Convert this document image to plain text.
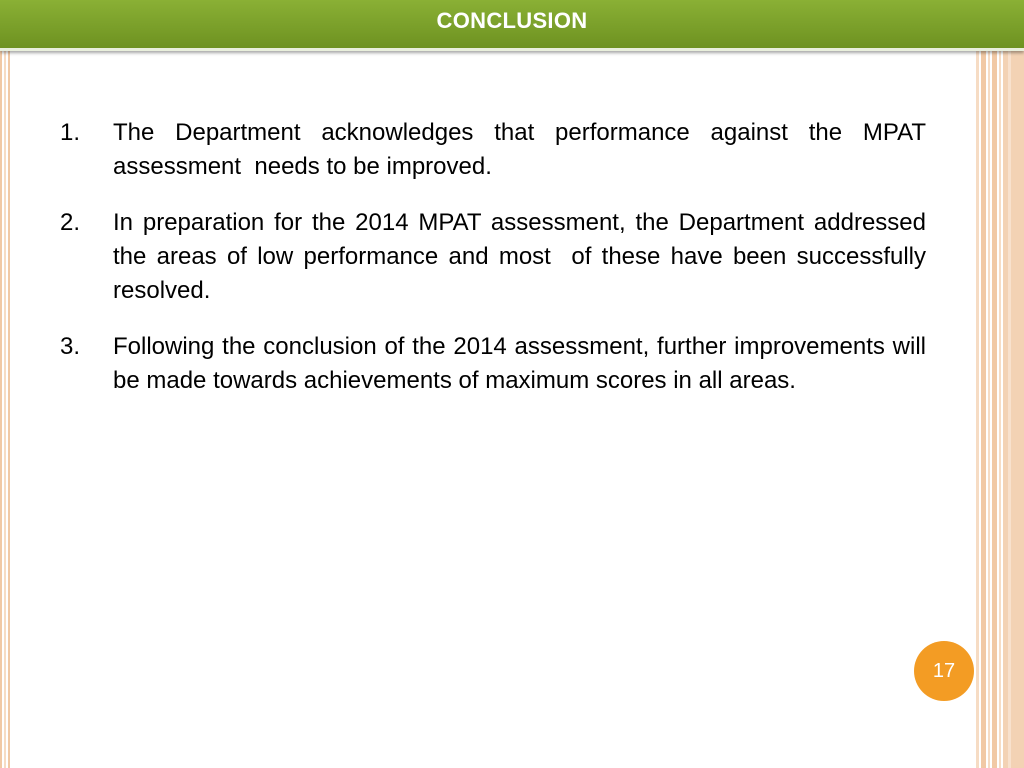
CONCLUSION
1.	The Department acknowledges that performance against the MPAT  assessment  needs to be improved.
2.	In preparation for the 2014 MPAT assessment, the Department addressed the areas of low performance and most  of these have been successfully resolved.
3.	Following the conclusion of the 2014 assessment, further improvements will be made towards achievements of maximum scores in all areas.
17
